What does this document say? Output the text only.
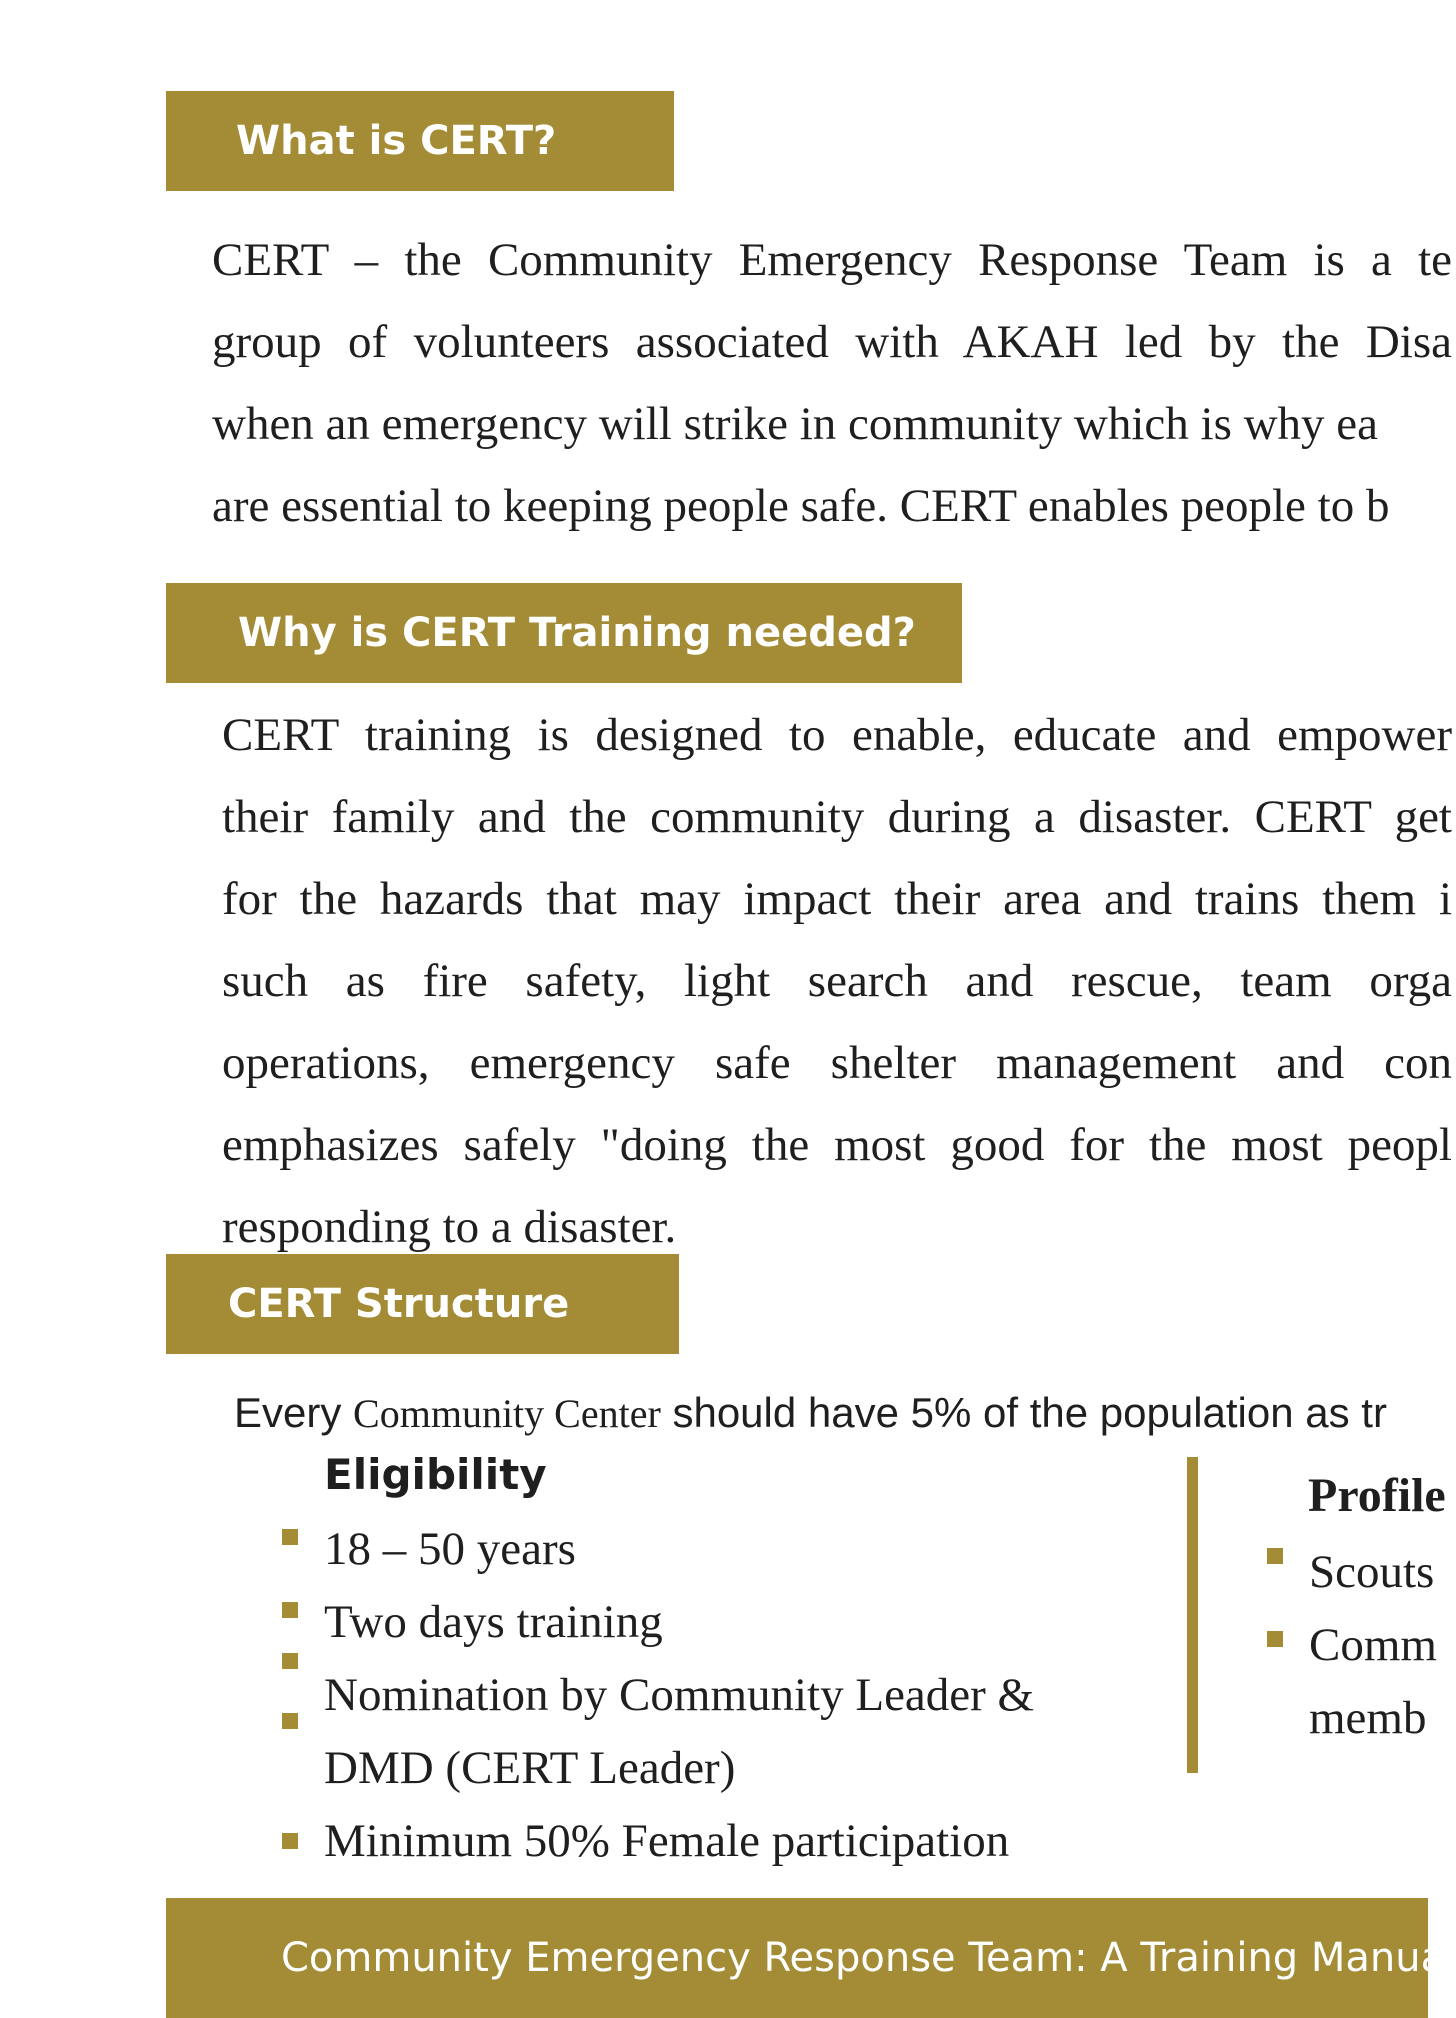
What is CERT?
CERT – the Community Emergency Response Team is a te
group of volunteers associated with AKAH led by the Disa
when an emergency will strike in community which is why ea
are essential to keeping people safe. CERT enables people to b
Why is CERT Training needed?
CERT training is designed to enable, educate and empower
their family and the community during a disaster. CERT get
for the hazards that may impact their area and trains them i
such as fire safety, light search and rescue, team orga
operations, emergency safe shelter management and con
emphasizes safely "doing the most good for the most peopl
responding to a disaster.
CERT Structure
Every Community Center should have 5% of the population as tr
Eligibility
18 – 50 years
Two days training
Nomination by Community Leader &
DMD (CERT Leader)
Minimum 50% Female participation
Profile
Scouts
Comm
memb
Community Emergency Response Team: A Training Manual
